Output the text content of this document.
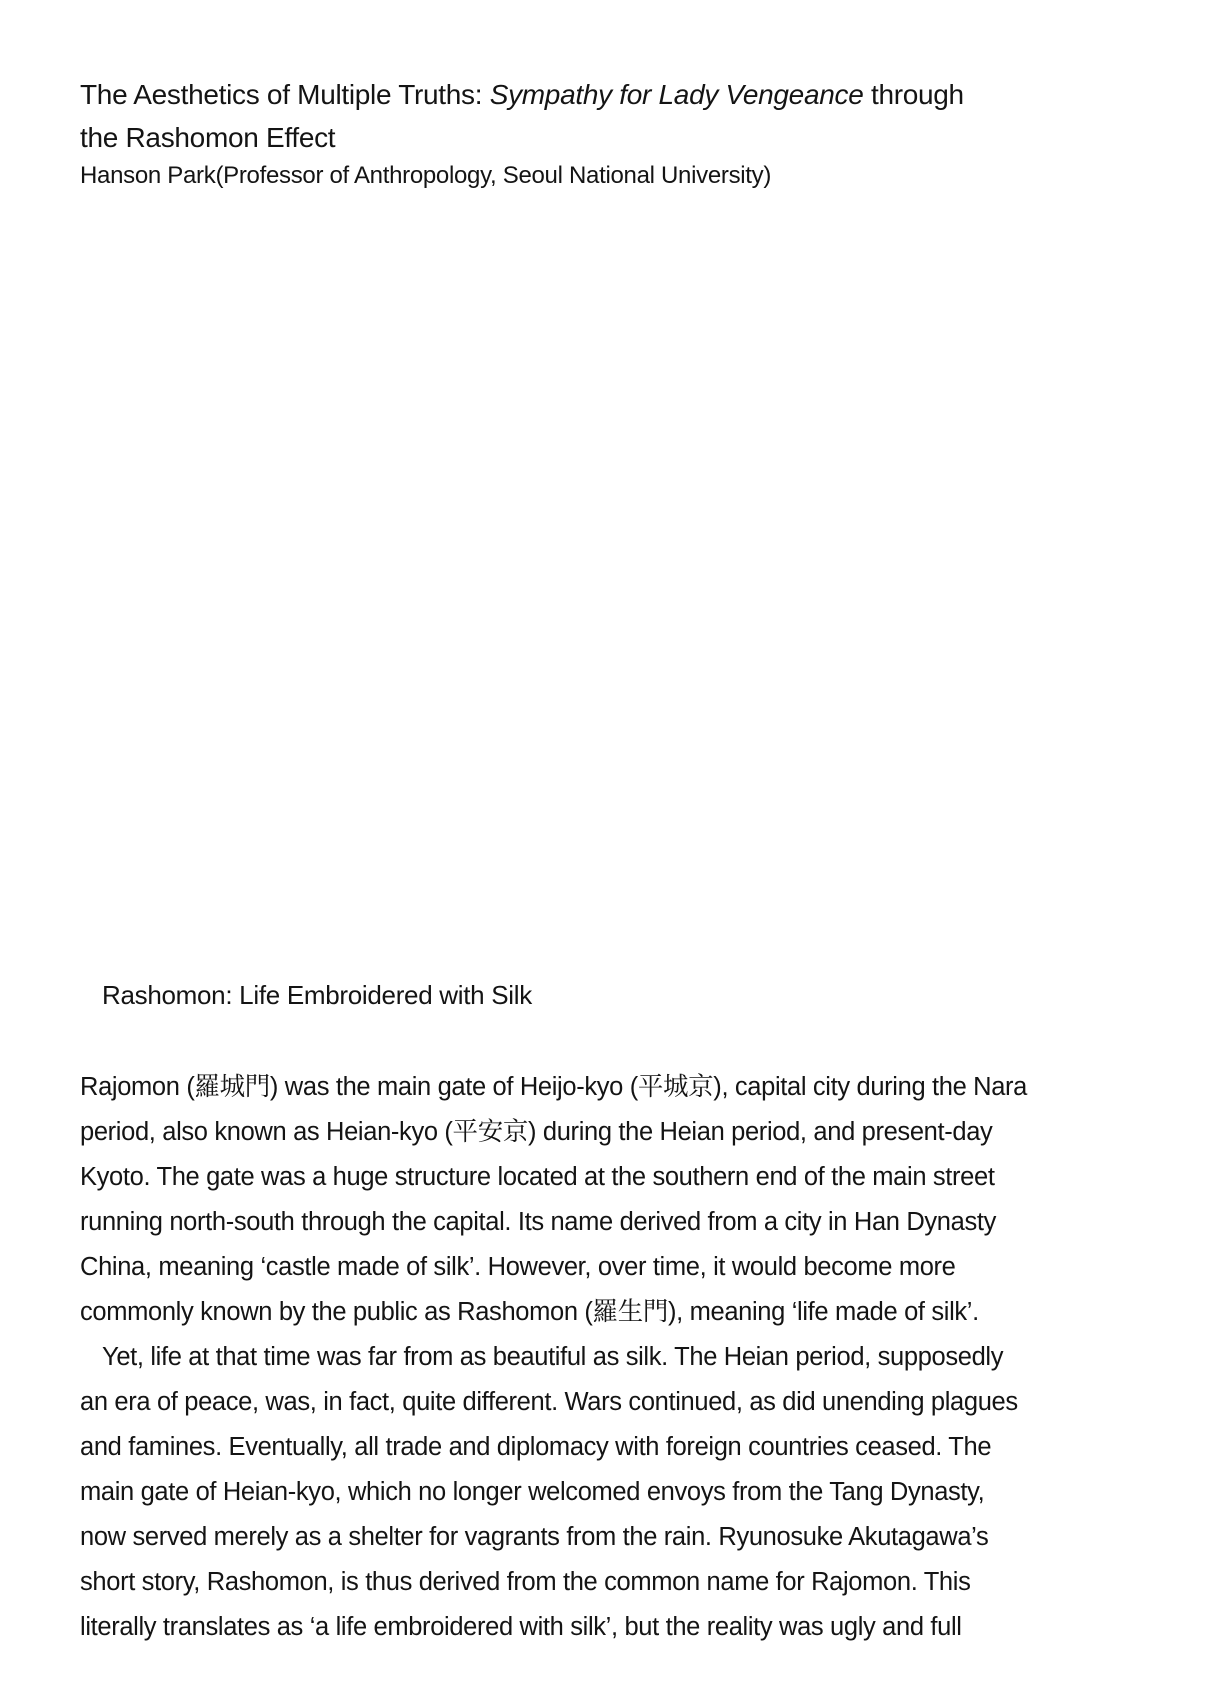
The Aesthetics of Multiple Truths: Sympathy for Lady Vengeance through
the Rashomon Effect

Hanson Park(Professor of Anthropology, Seoul National University)

Rashomon: Life Embroidered with Silk

Rajomon (羅城門) was the main gate of Heijo-kyo (平城京), capital city during the Nara
period, also known as Heian-kyo (平安京) during the Heian period, and present-day
Kyoto. The gate was a huge structure located at the southern end of the main street
running north-south through the capital. Its name derived from a city in Han Dynasty
China, meaning ‘castle made of silk’. However, over time, it would become more
commonly known by the public as Rashomon (羅生門), meaning ‘life made of silk’.

Yet, life at that time was far from as beautiful as silk. The Heian period, supposedly
an era of peace, was, in fact, quite different. Wars continued, as did unending plagues
and famines. Eventually, all trade and diplomacy with foreign countries ceased. The
main gate of Heian-kyo, which no longer welcomed envoys from the Tang Dynasty,
now served merely as a shelter for vagrants from the rain. Ryunosuke Akutagawa’s
short story, Rashomon, is thus derived from the common name for Rajomon. This
literally translates as ‘a life embroidered with silk’, but the reality was ugly and full
